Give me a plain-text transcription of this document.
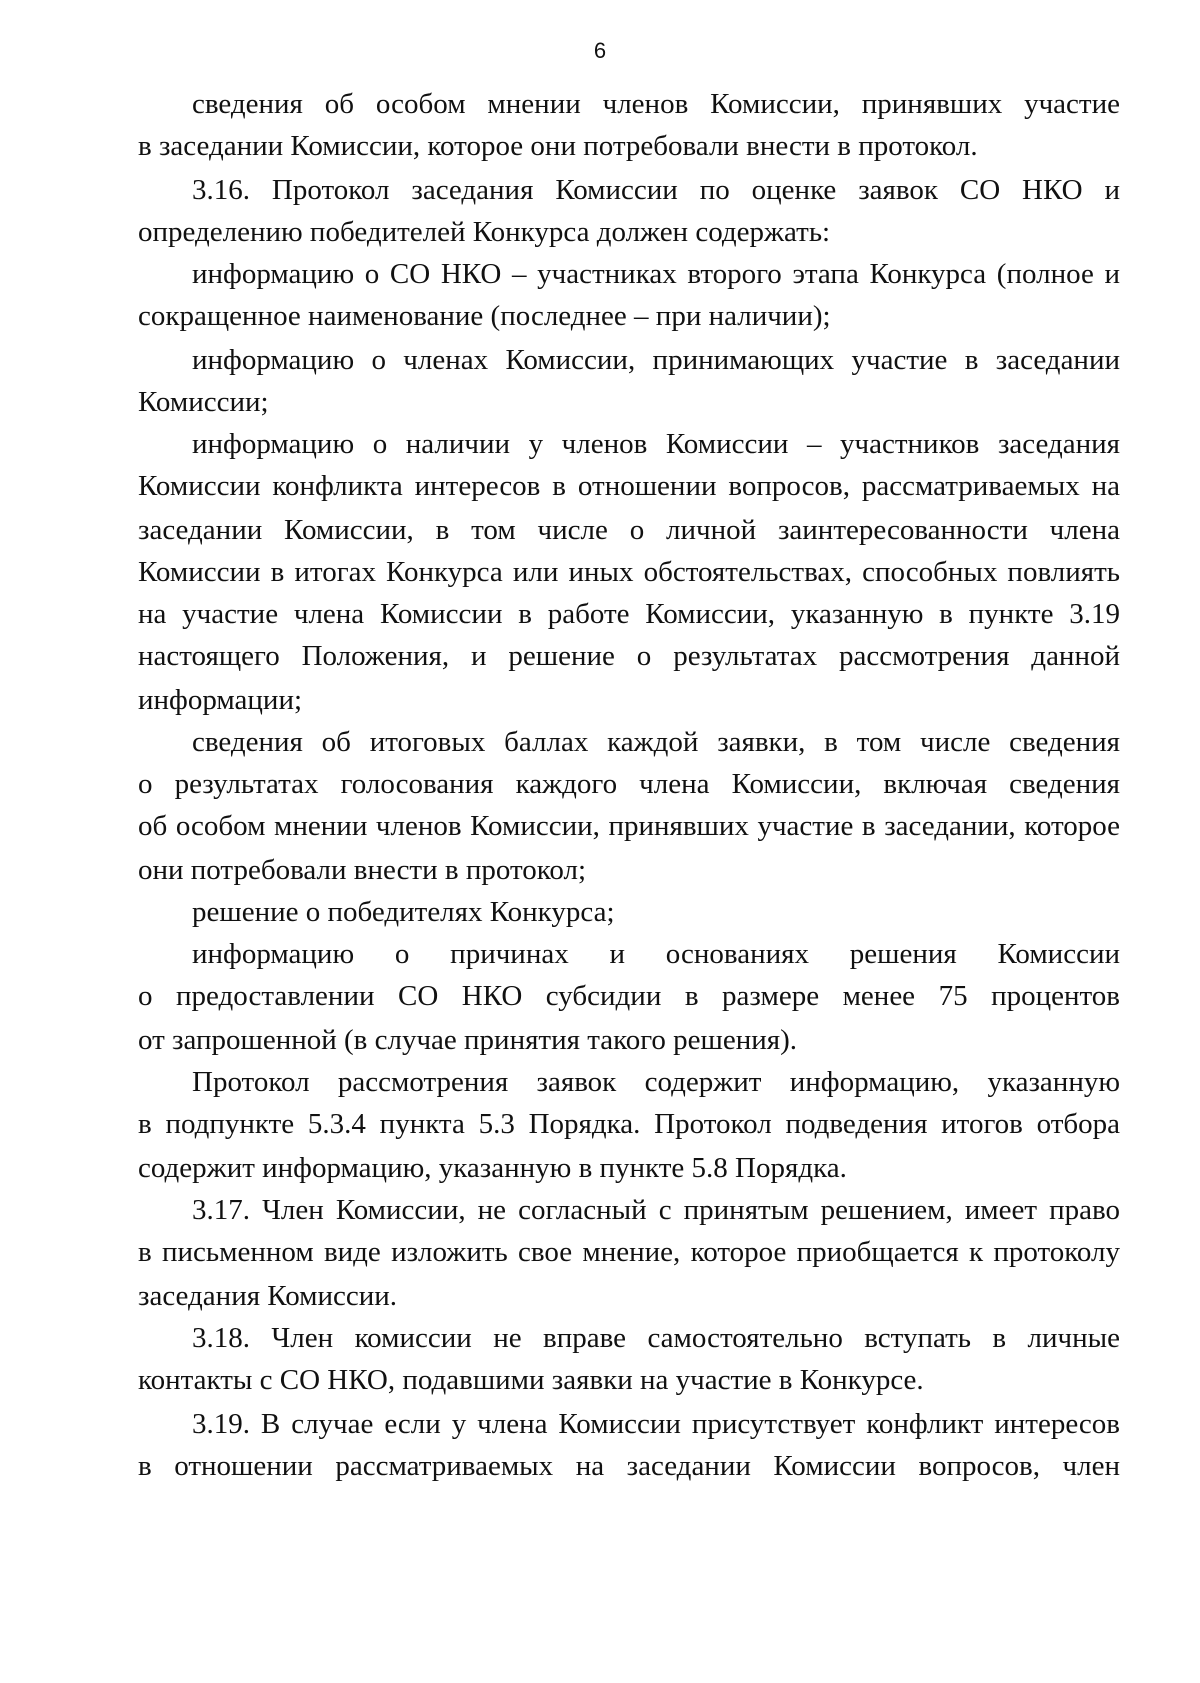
6
сведения об особом мнении членов Комиссии, принявших участие
в заседании Комиссии, которое они потребовали внести в протокол.
3.16. Протокол заседания Комиссии по оценке заявок СО НКО и
определению победителей Конкурса должен содержать:
информацию о СО НКО – участниках второго этапа Конкурса (полное и
сокращенное наименование (последнее – при наличии);
информацию о членах Комиссии, принимающих участие в заседании
Комиссии;
информацию о наличии у членов Комиссии – участников заседания
Комиссии конфликта интересов в отношении вопросов, рассматриваемых на
заседании Комиссии, в том числе о личной заинтересованности члена
Комиссии в итогах Конкурса или иных обстоятельствах, способных повлиять
на участие члена Комиссии в работе Комиссии, указанную в пункте 3.19
настоящего Положения, и решение о результатах рассмотрения данной
информации;
сведения об итоговых баллах каждой заявки, в том числе сведения
о результатах голосования каждого члена Комиссии, включая сведения
об особом мнении членов Комиссии, принявших участие в заседании, которое
они потребовали внести в протокол;
решение о победителях Конкурса;
информацию о причинах и основаниях решения Комиссии
о предоставлении СО НКО субсидии в размере менее 75 процентов
от запрошенной (в случае принятия такого решения).
Протокол рассмотрения заявок содержит информацию, указанную
в подпункте 5.3.4 пункта 5.3 Порядка. Протокол подведения итогов отбора
содержит информацию, указанную в пункте 5.8 Порядка.
3.17. Член Комиссии, не согласный с принятым решением, имеет право
в письменном виде изложить свое мнение, которое приобщается к протоколу
заседания Комиссии.
3.18. Член комиссии не вправе самостоятельно вступать в личные
контакты с СО НКО, подавшими заявки на участие в Конкурсе.
3.19. В случае если у члена Комиссии присутствует конфликт интересов
в отношении рассматриваемых на заседании Комиссии вопросов, член
